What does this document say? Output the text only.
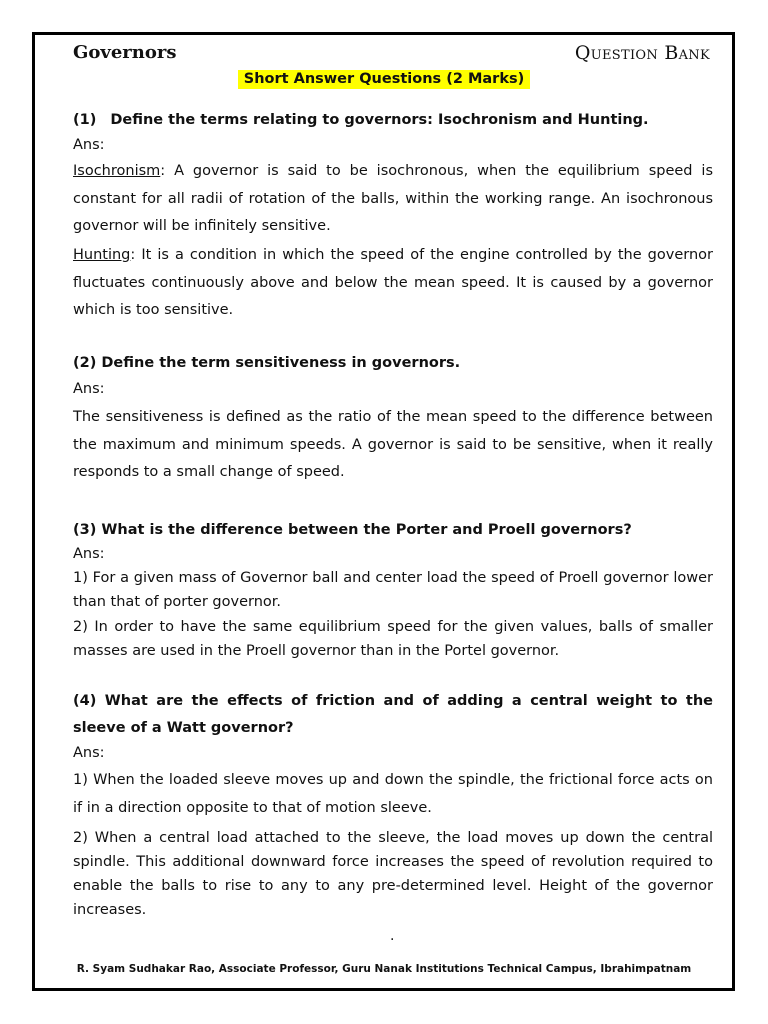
Governors	Question Bank
Short Answer Questions (2 Marks)
(1) Define the terms relating to governors: Isochronism and Hunting.
Ans:
Isochronism: A governor is said to be isochronous, when the equilibrium speed is constant for all radii of rotation of the balls, within the working range. An isochronous governor will be infinitely sensitive.
Hunting: It is a condition in which the speed of the engine controlled by the governor fluctuates continuously above and below the mean speed. It is caused by a governor which is too sensitive.
(2) Define the term sensitiveness in governors.
Ans:
The sensitiveness is defined as the ratio of the mean speed to the difference between the maximum and minimum speeds. A governor is said to be sensitive, when it really responds to a small change of speed.
(3) What is the difference between the Porter and Proell governors?
Ans:
1) For a given mass of Governor ball and center load the speed of Proell governor lower than that of porter governor.
2) In order to have the same equilibrium speed for the given values, balls of smaller masses are used in the Proell governor than in the Portel governor.
(4) What are the effects of friction and of adding a central weight to the sleeve of a Watt governor?
Ans:
1) When the loaded sleeve moves up and down the spindle, the frictional force acts on if in a direction opposite to that of motion sleeve.
2) When a central load attached to the sleeve, the load moves up down the central spindle. This additional downward force increases the speed of revolution required to enable the balls to rise to any to any pre-determined level. Height of the governor increases.
.
R. Syam Sudhakar Rao, Associate Professor, Guru Nanak Institutions Technical Campus, Ibrahimpatnam
